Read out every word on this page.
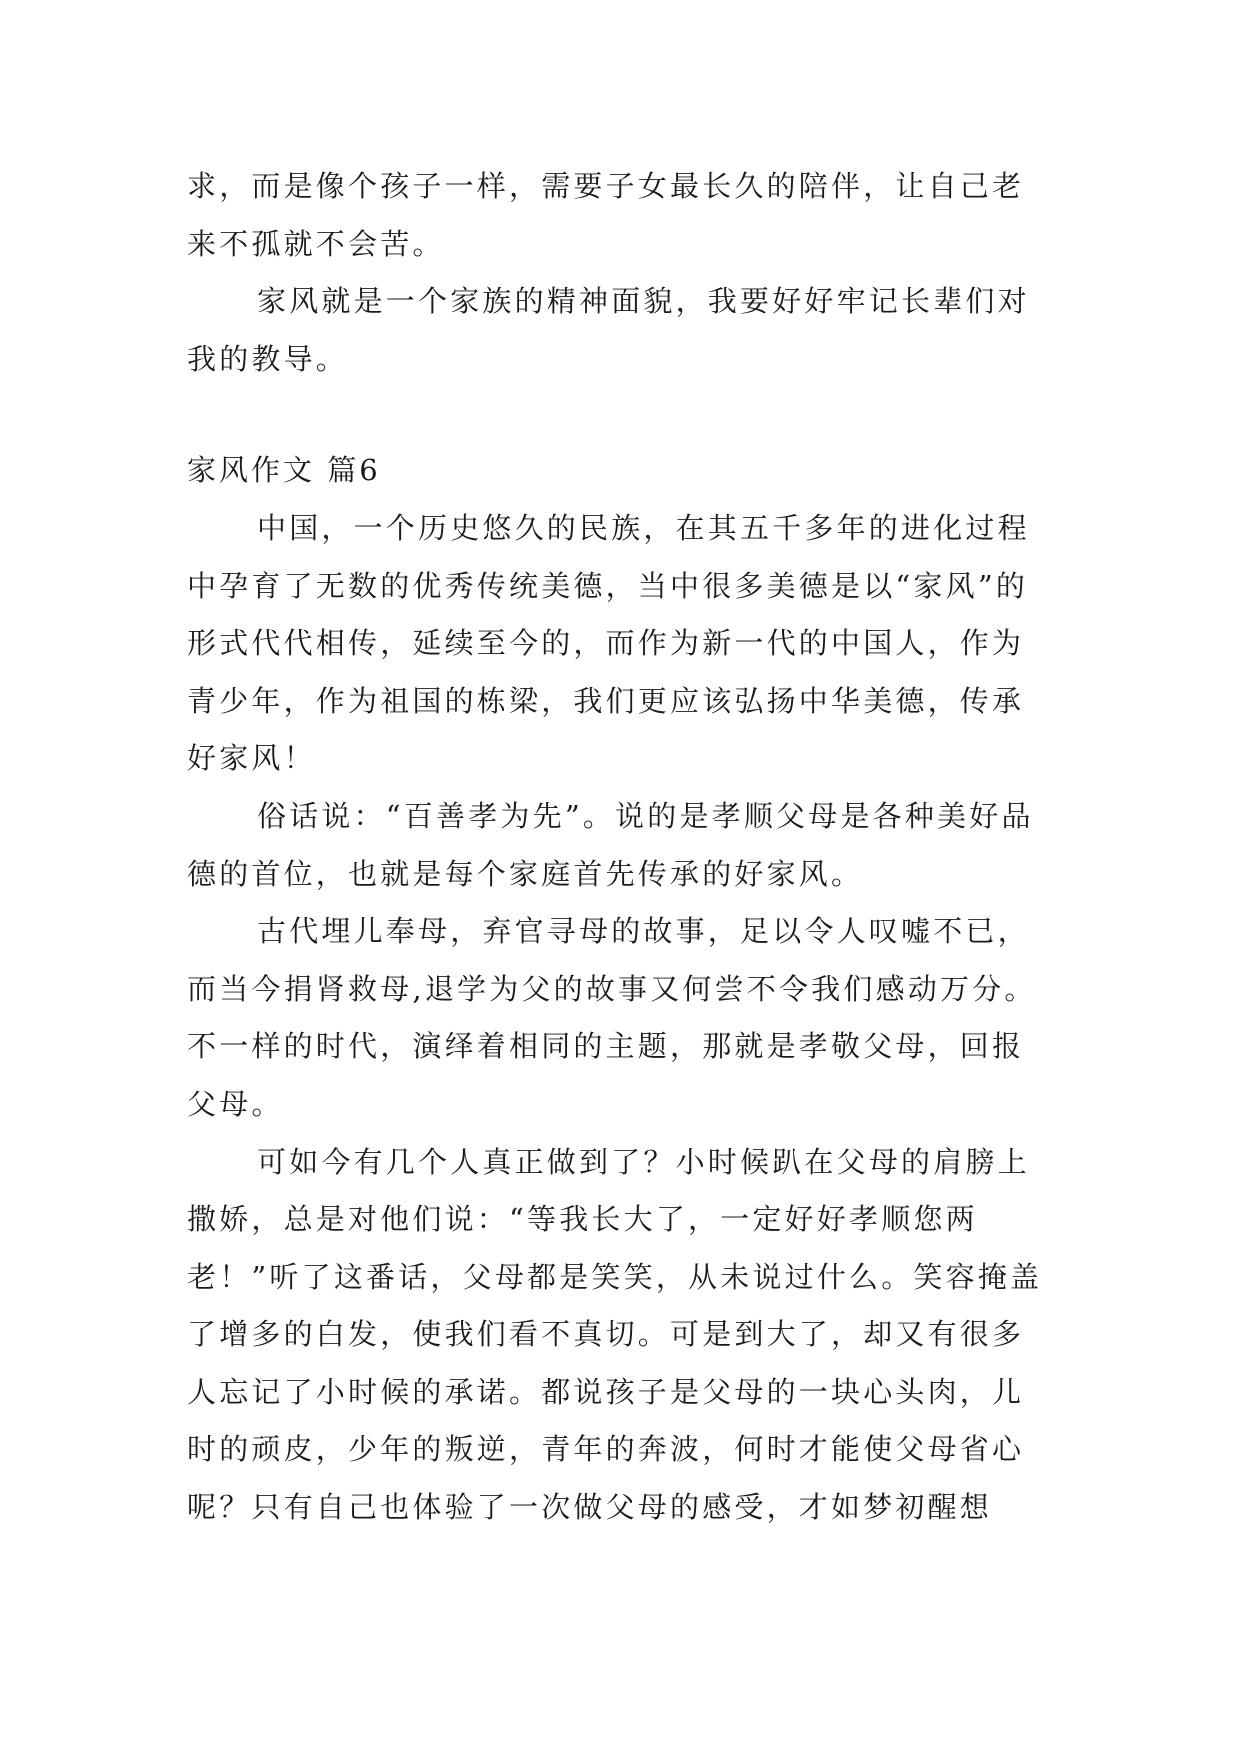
求，而是像个孩子一样，需要子女最长久的陪伴，让自己老来不孤就不会苦。

家风就是一个家族的精神面貌，我要好好牢记长辈们对我的教导。

家风作文 篇6

中国，一个历史悠久的民族，在其五千多年的进化过程中孕育了无数的优秀传统美德，当中很多美德是以“家风”的形式代代相传，延续至今的，而作为新一代的中国人，作为青少年，作为祖国的栋梁，我们更应该弘扬中华美德，传承好家风！

俗话说：“百善孝为先”。说的是孝顺父母是各种美好品德的首位，也就是每个家庭首先传承的好家风。

古代埋儿奉母，弃官寻母的故事，足以令人叹嘘不已，而当今捐肾救母,退学为父的故事又何尝不令我们感动万分。不一样的时代，演绎着相同的主题，那就是孝敬父母，回报父母。

可如今有几个人真正做到了？小时候趴在父母的肩膀上撒娇，总是对他们说：“等我长大了，一定好好孝顺您两老！”听了这番话，父母都是笑笑，从未说过什么。笑容掩盖了增多的白发，使我们看不真切。可是到大了，却又有很多人忘记了小时候的承诺。都说孩子是父母的一块心头肉，儿时的顽皮，少年的叛逆，青年的奔波，何时才能使父母省心呢？只有自己也体验了一次做父母的感受，才如梦初醒想
